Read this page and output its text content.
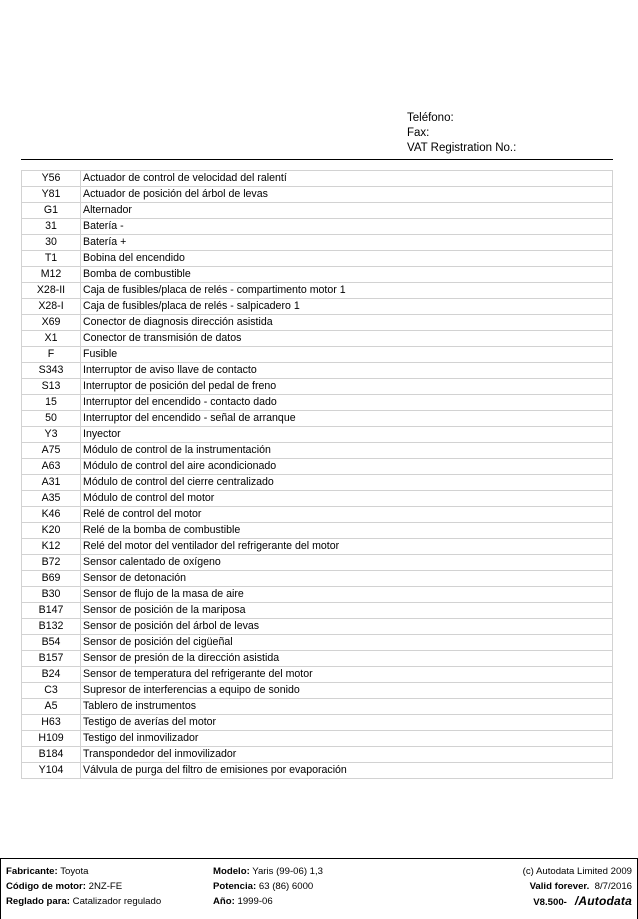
Teléfono:
Fax:
VAT Registration No.:
Y56	Actuador de control de velocidad del ralentí
Y81	Actuador de posición del árbol de levas
G1	Alternador
31	Batería -
30	Batería +
T1	Bobina del encendido
M12	Bomba de combustible
X28-II	Caja de fusibles/placa de relés - compartimento motor 1
X28-I	Caja de fusibles/placa de relés - salpicadero 1
X69	Conector de diagnosis dirección asistida
X1	Conector de transmisión de datos
F	Fusible
S343	Interruptor de aviso llave de contacto
S13	Interruptor de posición del pedal de freno
15	Interruptor del encendido - contacto dado
50	Interruptor del encendido - señal de arranque
Y3	Inyector
A75	Módulo de control de la instrumentación
A63	Módulo de control del aire acondicionado
A31	Módulo de control del cierre centralizado
A35	Módulo de control del motor
K46	Relé de control del motor
K20	Relé de la bomba de combustible
K12	Relé del motor del ventilador del refrigerante del motor
B72	Sensor calentado de oxígeno
B69	Sensor de detonación
B30	Sensor de flujo de la masa de aire
B147	Sensor de posición de la mariposa
B132	Sensor de posición del árbol de levas
B54	Sensor de posición del cigüeñal
B157	Sensor de presión de la dirección asistida
B24	Sensor de temperatura del refrigerante del motor
C3	Supresor de interferencias a equipo de sonido
A5	Tablero de instrumentos
H63	Testigo de averías del motor
H109	Testigo del inmovilizador
B184	Transpondedor del inmovilizador
Y104	Válvula de purga del filtro de emisiones por evaporación
Fabricante: Toyota
Código de motor: 2NZ-FE
Reglado para: Catalizador regulado
Modelo: Yaris (99-06) 1,3
Potencia: 63 (86) 6000
Año: 1999-06
(c) Autodata Limited 2009
Valid forever. 8/7/2016
V8.500- /Autodata
